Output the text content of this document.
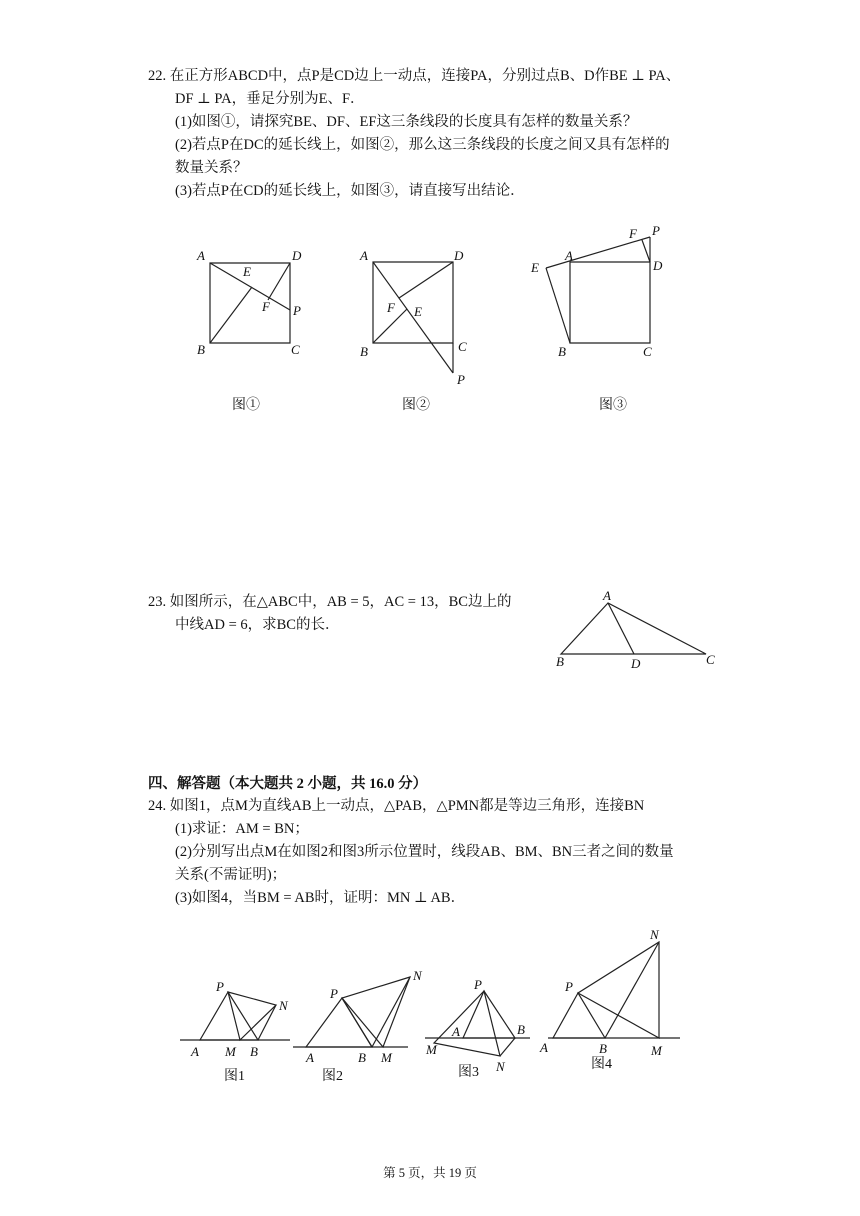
22. 在正方形ABCD中，点P是CD边上一动点，连接PA，分别过点B、D作BE ⊥ PA、
DF ⊥ PA，垂足分别为E、F．
(1)如图①，请探究BE、DF、EF这三条线段的长度具有怎样的数量关系？
(2)若点P在DC的延长线上，如图②，那么这三条线段的长度之间又具有怎样的
数量关系？
(3)若点P在CD的延长线上，如图③，请直接写出结论．
A	D
B	C
E
F P
图①
A	D
B	C
F E
P
图②
A
D
B	C
E
F P
图③
23. 如图所示，在△ABC中，AB = 5，AC = 13，BC边上的
中线AD = 6，求BC的长．
A
B	D	C
四、解答题（本大题共 2 小题，共 16.0 分）
24. 如图1，点M为直线AB上一动点，△PAB，△PMN都是等边三角形，连接BN
(1)求证：AM = BN；
(2)分别写出点M在如图2和图3所示位置时，线段AB、BM、BN三者之间的数量
关系(不需证明)；
(3)如图4，当BM = AB时，证明：MN ⊥ AB．
P
N
A M B
图1
P
N
A	B M
图2
P
A	B
M
N
图3
N
P
A	B	M
图4
第 5 页，共 19 页
